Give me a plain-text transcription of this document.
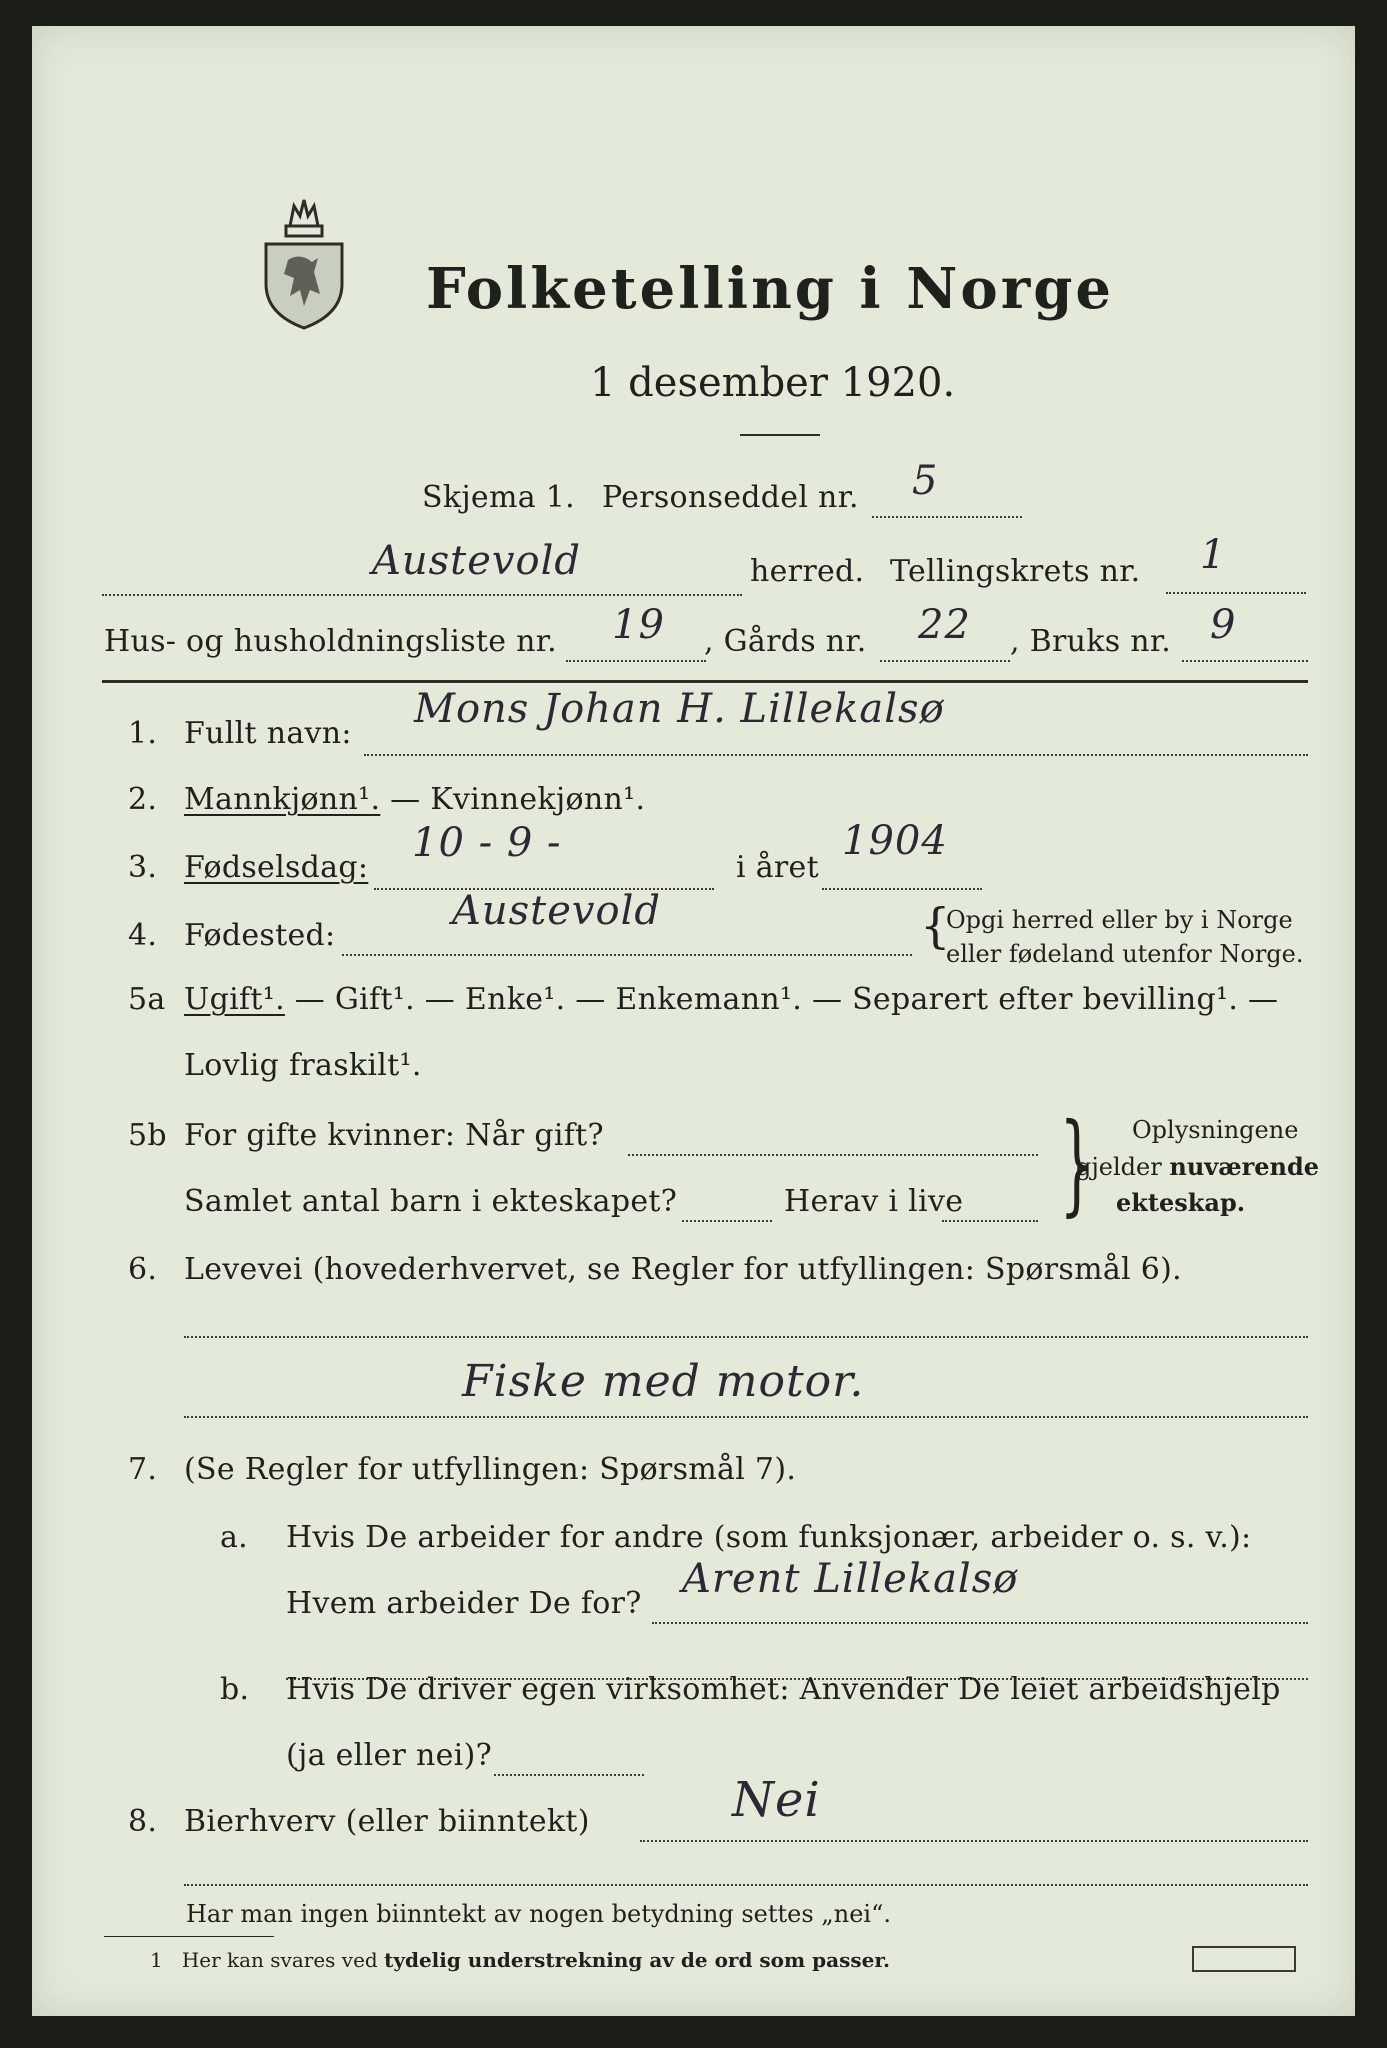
Folketelling i Norge
1 desember 1920.
Skjema 1. Personseddel nr. 5
Austevold	herred. Tellingskrets nr. 1
Hus- og husholdningsliste nr. 19 , Gårds nr. 22 , Bruks nr. 9
1. Fullt navn:
Mons Johan H. Lillekalsø
2. Mannkjønn¹. — Kvinnekjønn¹.
3. Fødselsdag:
10 - 9 -
i året
1904
4. Fødested:
Austevold	{
Opgi herred eller by i Norge
eller fødeland utenfor Norge.
5a Ugift¹. — Gift¹. — Enke¹. — Enkemann¹. — Separert efter bevilling¹. —
Lovlig fraskilt¹.
5b For gifte kvinner: Når gift?
Samlet antal barn i ekteskapet?	Herav i live } Oplysningene
gjelder nuværende
ekteskap.
6. Levevei (hovederhvervet, se Regler for utfyllingen: Spørsmål 6).
Fiske med motor.
7. (Se Regler for utfyllingen: Spørsmål 7).
a. Hvis De arbeider for andre (som funksjonær, arbeider o. s. v.):
Hvem arbeider De for?
Arent Lillekalsø
b. Hvis De driver egen virksomhet: Anvender De leiet arbeidshjelp
(ja eller nei)?
8. Bierhverv (eller biinntekt)	Nei
Har man ingen biinntekt av nogen betydning settes „nei“.
1 Her kan svares ved tydelig understrekning av de ord som passer.
